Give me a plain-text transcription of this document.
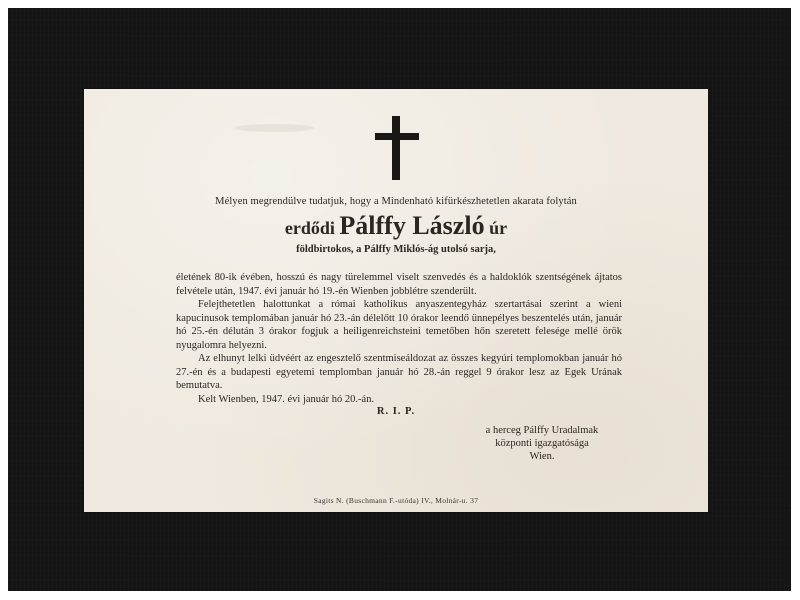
Mélyen megrendülve tudatjuk, hogy a Mindenható kifürkészhetetlen akarata folytán
erdődi Pálffy László úr
földbirtokos, a Pálffy Miklós-ág utolsó sarja,

életének 80-ik évében, hosszú és nagy türelemmel viselt szenvedés és a haldoklók szentségének ájtatos felvétele után, 1947. évi január hó 19.-én Wienben jobblétre szenderült.

Felejthetetlen halottunkat a római katholikus anyaszentegyház szertartásai szerint a wieni kapucinusok templomában január hó 23.-án délelőtt 10 órakor leendő ünnepélyes beszentelés után, január hó 25.-én délután 3 órakor fogjuk a heiligenreichsteini temetőben hőn szeretett felesége mellé örök nyugalomra helyezni.

Az elhunyt lelki üdvéért az engesztelő szentmiseáldozat az összes kegyúri templomokban január hó 27.-én és a budapesti egyetemi templomban január hó 28.-án reggel 9 órakor lesz az Egek Urának bemutatva.

Kelt Wienben, 1947. évi január hó 20.-án.

R. I. P.
a herceg Pálffy Uradalmak
központi igazgatósága
Wien.
Sagits N. (Buschmann F.-utóda) IV., Molnár-u. 37
